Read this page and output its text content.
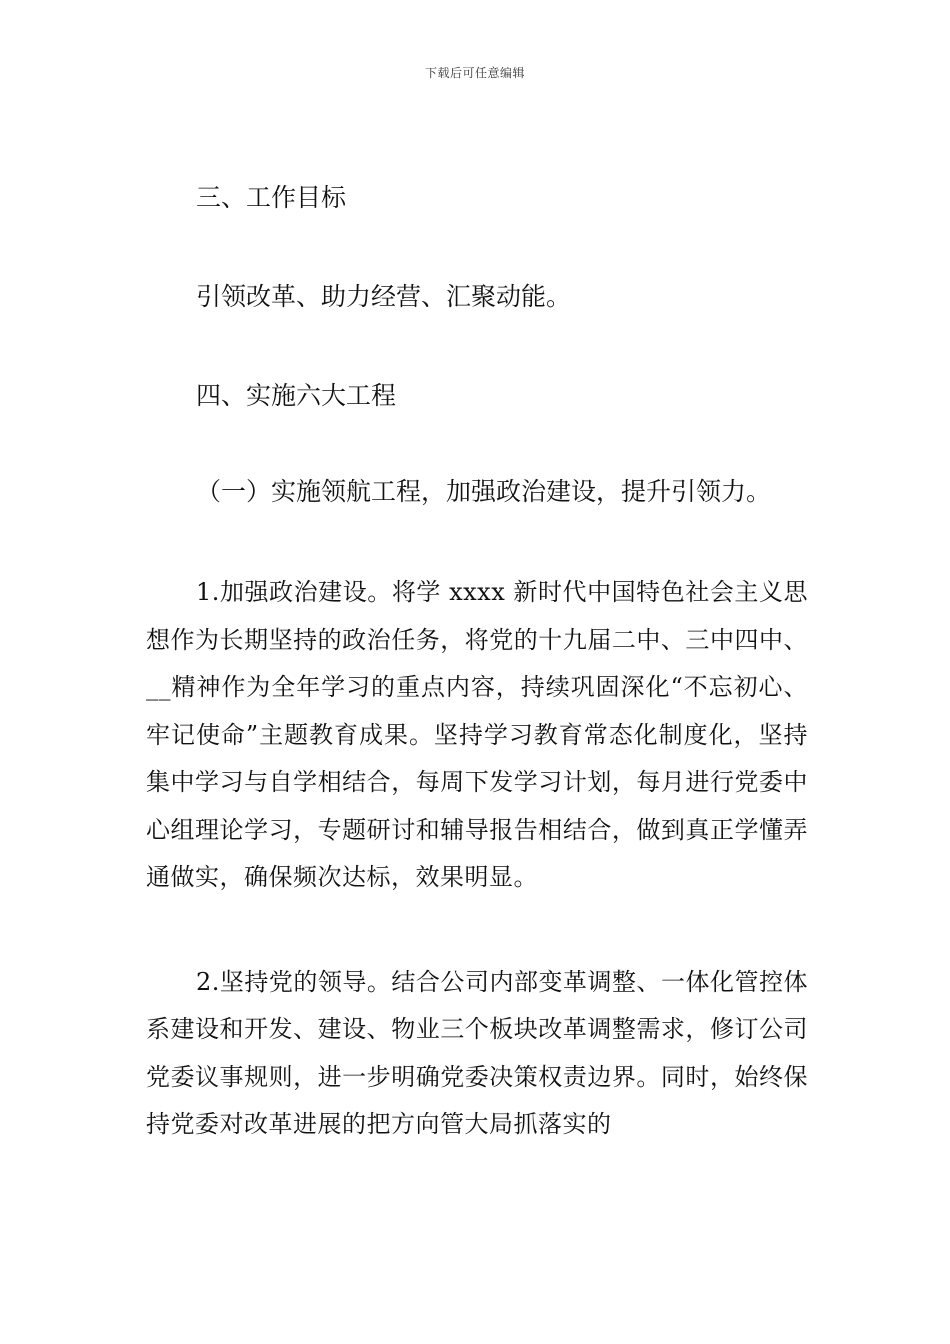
下载后可任意编辑
三、工作目标

引领改革、助力经营、汇聚动能。

四、实施六大工程
（一）实施领航工程，加强政治建设，提升引领力。

1.加强政治建设。将学 xxxx 新时代中国特色社会主义思想作为长期坚持的政治任务，将党的十九届二中、三中四中、__精神作为全年学习的重点内容，持续巩固深化“不忘初心、牢记使命”主题教育成果。坚持学习教育常态化制度化，坚持集中学习与自学相结合，每周下发学习计划，每月进行党委中心组理论学习，专题研讨和辅导报告相结合，做到真正学懂弄通做实，确保频次达标，效果明显。

2.坚持党的领导。结合公司内部变革调整、一体化管控体系建设和开发、建设、物业三个板块改革调整需求，修订公司党委议事规则，进一步明确党委决策权责边界。同时，始终保持党委对改革进展的把方向管大局抓落实的
